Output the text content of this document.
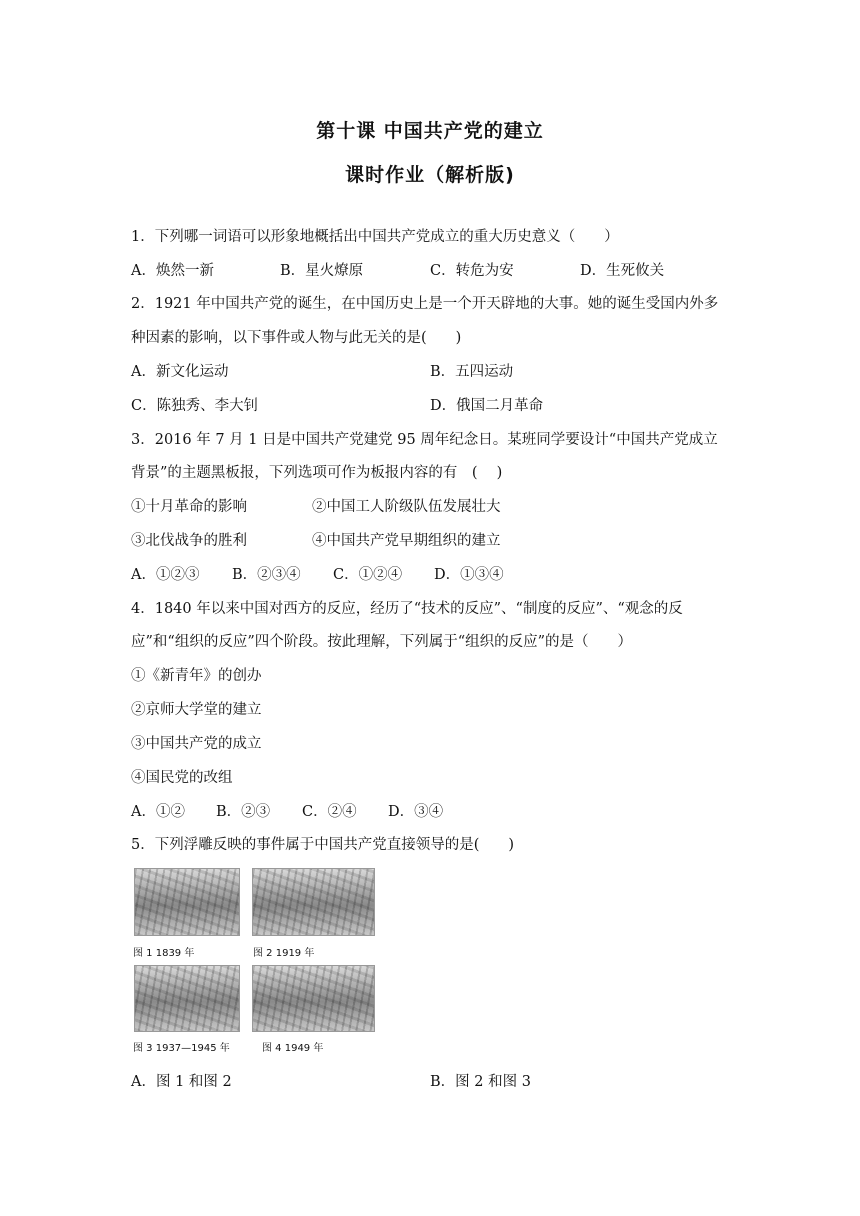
第十课 中国共产党的建立
课时作业（解析版)
1．下列哪一词语可以形象地概括出中国共产党成立的重大历史意义（　　）
A．焕然一新	B．星火燎原	C．转危为安	D．生死攸关
2．1921 年中国共产党的诞生，在中国历史上是一个开天辟地的大事。她的诞生受国内外多
种因素的影响，以下事件或人物与此无关的是(　　)
A．新文化运动	B．五四运动
C．陈独秀、李大钊	D．俄国二月革命
3．2016 年 7 月 1 日是中国共产党建党 95 周年纪念日。某班同学要设计“中国共产党成立
背景”的主题黑板报，下列选项可作为板报内容的有　(　 )
①十月革命的影响	②中国工人阶级队伍发展壮大
③北伐战争的胜利	④中国共产党早期组织的建立
A．①②③ B．②③④ C．①②④ D．①③④
4．1840 年以来中国对西方的反应，经历了“技术的反应”、“制度的反应”、“观念的反
应”和“组织的反应”四个阶段。按此理解，下列属于“组织的反应”的是（　　）
①《新青年》的创办
②京师大学堂的建立
③中国共产党的成立
④国民党的改组
A．①② B．②③ C．②④ D．③④
5．下列浮雕反映的事件属于中国共产党直接领导的是(　　)
图 1 1839 年	图 2 1919 年
图 3 1937—1945 年	图 4 1949 年
A．图 1 和图 2	B．图 2 和图 3
